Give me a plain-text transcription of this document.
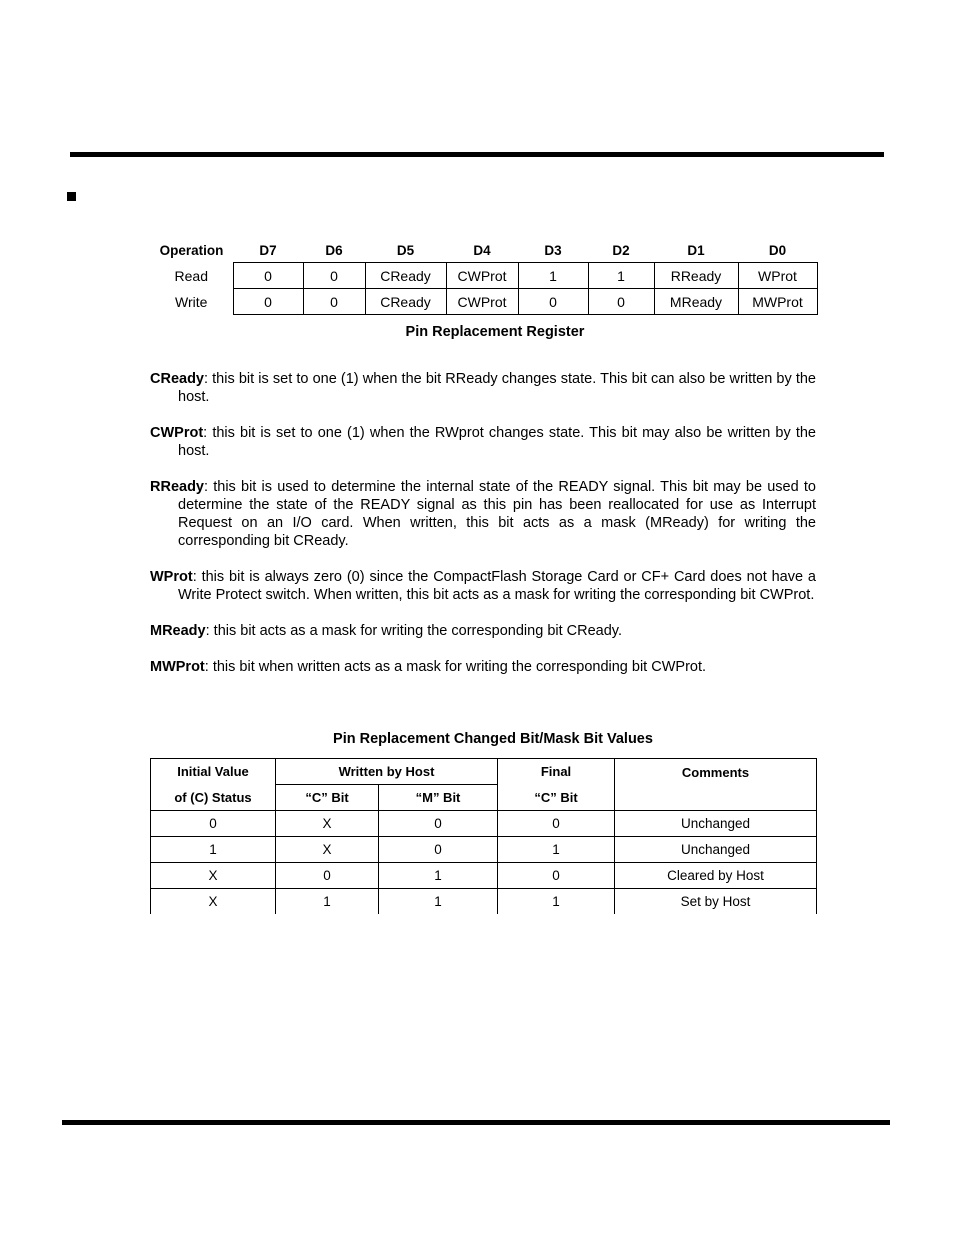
Operation	D7	D6	D5	D4	D3	D2	D1	D0
Read	0	0	CReady	CWProt	1	1	RReady	WProt
Write	0	0	CReady	CWProt	0	0	MReady	MWProt
Pin Replacement Register

CReady: this bit is set to one (1) when the bit RReady changes state. This bit can also be written by the host.

CWProt: this bit is set to one (1) when the RWprot changes state. This bit may also be written by the host.

RReady: this bit is used to determine the internal state of the READY signal. This bit may be used to determine the state of the READY signal as this pin has been reallocated for use as Interrupt Request on an I/O card. When written, this bit acts as a mask (MReady) for writing the corresponding bit CReady.

WProt: this bit is always zero (0) since the CompactFlash Storage Card or CF+ Card does not have a Write Protect switch. When written, this bit acts as a mask for writing the corresponding bit CWProt.

MReady: this bit acts as a mask for writing the corresponding bit CReady.

MWProt: this bit when written acts as a mask for writing the corresponding bit CWProt.

Pin Replacement Changed Bit/Mask Bit Values
Initial Value	Written by Host		Final	Comments
of (C) Status	“C” Bit	“M” Bit	“C” Bit	
0	X	0	0	Unchanged
1	X	0	1	Unchanged
X	0	1	0	Cleared by Host
X	1	1	1	Set by Host
